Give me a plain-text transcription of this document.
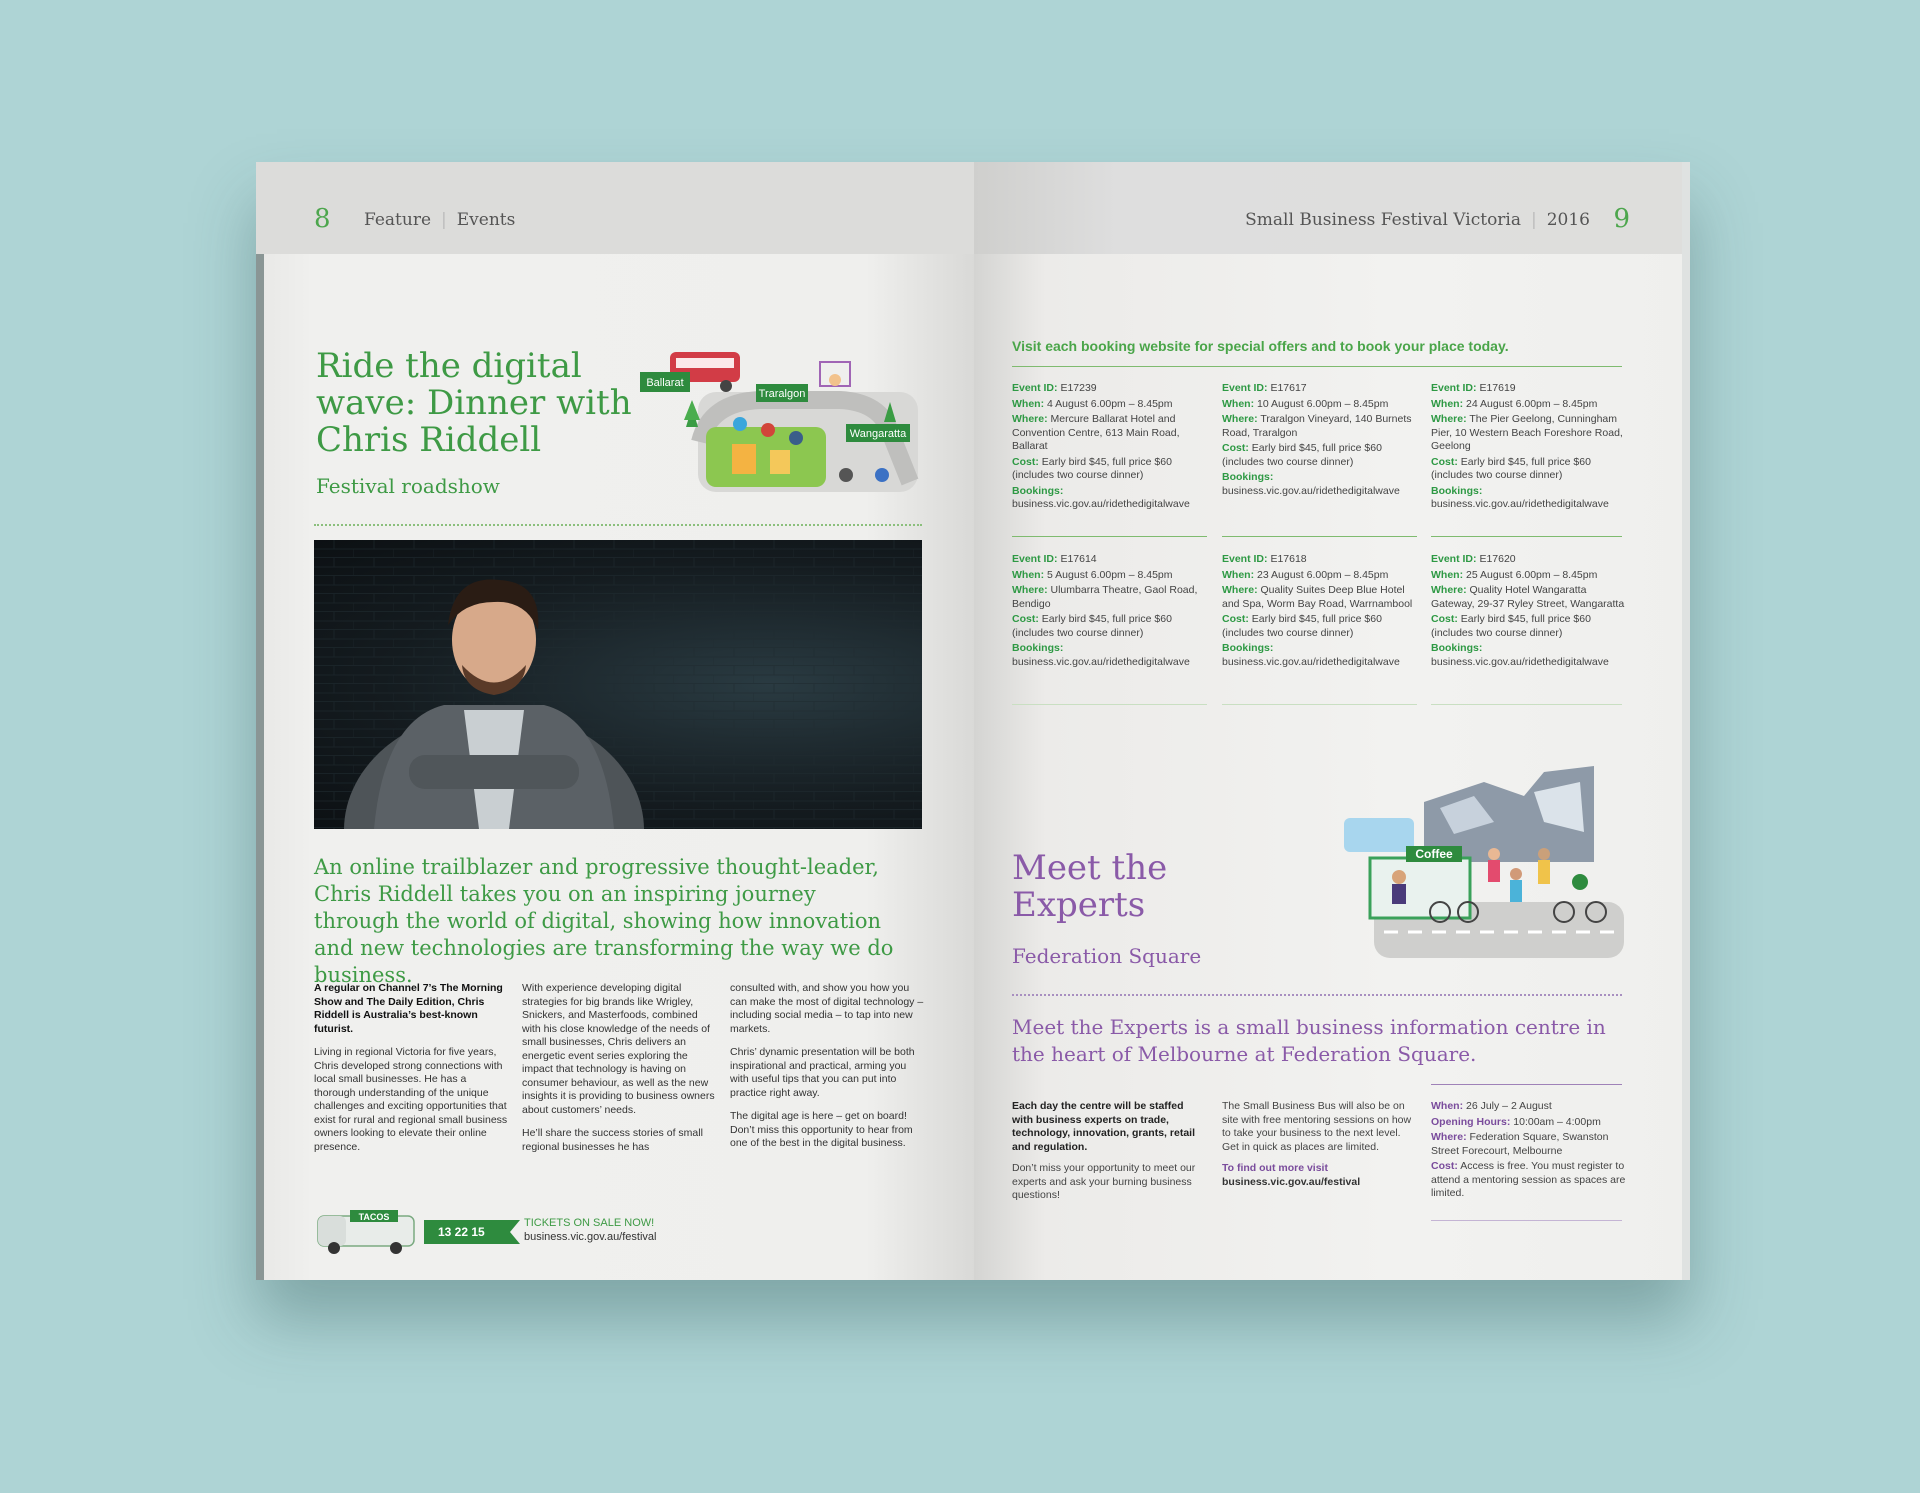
8 Feature | Events
Ride the digital wave: Dinner with Chris Riddell
Festival roadshow
Ballarat
Traralgon
Wangaratta
An online trailblazer and progressive thought-leader, Chris Riddell takes you on an inspiring journey through the world of digital, showing how innovation and new technologies are transforming the way we do business.

A regular on Channel 7’s The Morning Show and The Daily Edition, Chris Riddell is Australia’s best-known futurist.

Living in regional Victoria for five years, Chris developed strong connections with local small businesses. He has a thorough understanding of the unique challenges and exciting opportunities that exist for rural and regional small business owners looking to elevate their online presence.

With experience developing digital strategies for big brands like Wrigley, Snickers, and Masterfoods, combined with his close knowledge of the needs of small businesses, Chris delivers an energetic event series exploring the impact that technology is having on consumer behaviour, as well as the new insights it is providing to business owners about customers’ needs.

He’ll share the success stories of small regional businesses he has

consulted with, and show you how you can make the most of digital technology – including social media – to tap into new markets.

Chris’ dynamic presentation will be both inspirational and practical, arming you with useful tips that you can put into practice right away.

The digital age is here – get on board! Don’t miss this opportunity to hear from one of the best in the digital business.

TACOS
13 22 15
TICKETS ON SALE NOW!
business.vic.gov.au/festival
Small Business Festival Victoria | 2016 9
Visit each booking website for special offers and to book your place today.
Event ID: E17239
When: 4 August 6.00pm – 8.45pm
Where: Mercure Ballarat Hotel and Convention Centre, 613 Main Road, Ballarat
Cost: Early bird $45, full price $60 (includes two course dinner)
Bookings:
business.vic.gov.au/ridethedigitalwave
Event ID: E17617
When: 10 August 6.00pm – 8.45pm
Where: Traralgon Vineyard, 140 Burnets Road, Traralgon
Cost: Early bird $45, full price $60 (includes two course dinner)
Bookings:
business.vic.gov.au/ridethedigitalwave
Event ID: E17619
When: 24 August 6.00pm – 8.45pm
Where: The Pier Geelong, Cunningham Pier, 10 Western Beach Foreshore Road, Geelong
Cost: Early bird $45, full price $60 (includes two course dinner)
Bookings:
business.vic.gov.au/ridethedigitalwave
Event ID: E17614
When: 5 August 6.00pm – 8.45pm
Where: Ulumbarra Theatre, Gaol Road, Bendigo
Cost: Early bird $45, full price $60 (includes two course dinner)
Bookings:
business.vic.gov.au/ridethedigitalwave
Event ID: E17618
When: 23 August 6.00pm – 8.45pm
Where: Quality Suites Deep Blue Hotel and Spa, Worm Bay Road, Warrnambool
Cost: Early bird $45, full price $60 (includes two course dinner)
Bookings:
business.vic.gov.au/ridethedigitalwave
Event ID: E17620
When: 25 August 6.00pm – 8.45pm
Where: Quality Hotel Wangaratta Gateway, 29-37 Ryley Street, Wangaratta
Cost: Early bird $45, full price $60 (includes two course dinner)
Bookings:
business.vic.gov.au/ridethedigitalwave
Meet the Experts
Federation Square
Coffee
Meet the Experts is a small business information centre in the heart of Melbourne at Federation Square.

Each day the centre will be staffed with business experts on trade, technology, innovation, grants, retail and regulation.

Don’t miss your opportunity to meet our experts and ask your burning business questions!

The Small Business Bus will also be on site with free mentoring sessions on how to take your business to the next level. Get in quick as places are limited.

To find out more visit
business.vic.gov.au/festival
When: 26 July – 2 August
Opening Hours: 10:00am – 4:00pm
Where: Federation Square, Swanston Street Forecourt, Melbourne
Cost: Access is free. You must register to attend a mentoring session as spaces are limited.
